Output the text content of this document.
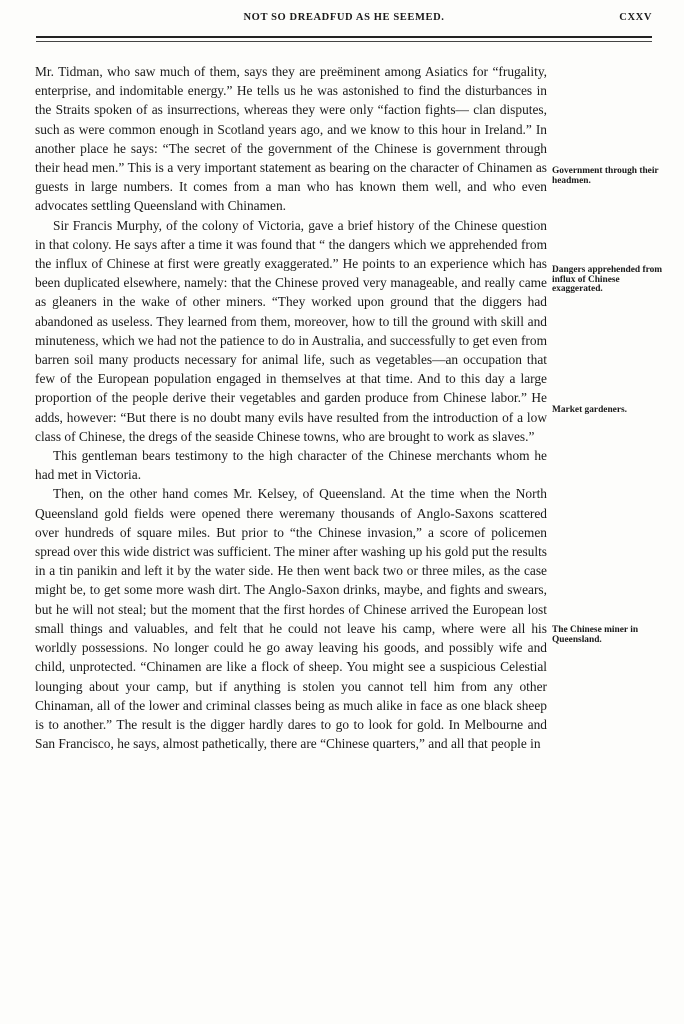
NOT SO DREADFUD AS HE SEEMED.	CXXV

Mr. Tidman, who saw much of them, says they are preëminent among Asiatics for “frugality, enterprise, and indomitable energy.” He tells us he was astonished to find the disturbances in the Straits spoken of as insurrections, whereas they were only “faction fights— clan disputes, such as were common enough in Scotland years ago, and we know to this hour in Ireland.” In another place he says: “The secret of the government of the Chinese is government through their head men.” This is a very important statement as bearing on the character of Chinamen as guests in large numbers. It comes from a man who has known them well, and who even advocates settling Queensland with Chinamen.

Sir Francis Murphy, of the colony of Victoria, gave a brief history of the Chinese question in that colony. He says after a time it was found that “ the dangers which we apprehended from the influx of Chinese at first were greatly exaggerated.” He points to an experience which has been duplicated elsewhere, namely: that the Chinese proved very manageable, and really came as gleaners in the wake of other miners. “They worked upon ground that the diggers had abandoned as useless. They learned from them, moreover, how to till the ground with skill and minuteness, which we had not the patience to do in Australia, and successfully to get even from barren soil many products necessary for animal life, such as vegetables—an occupation that few of the European population engaged in themselves at that time. And to this day a large proportion of the people derive their vegetables and garden produce from Chinese labor.” He adds, however: “But there is no doubt many evils have resulted from the introduction of a low class of Chinese, the dregs of the seaside Chinese towns, who are brought to work as slaves.”

This gentleman bears testimony to the high character of the Chinese merchants whom he had met in Victoria.

Then, on the other hand comes Mr. Kelsey, of Queensland. At the time when the North Queensland gold fields were opened there weremany thousands of Anglo-Saxons scattered over hundreds of square miles. But prior to “the Chinese invasion,” a score of policemen spread over this wide district was sufficient. The miner after washing up his gold put the results in a tin panikin and left it by the water side. He then went back two or three miles, as the case might be, to get some more wash dirt. The Anglo-Saxon drinks, maybe, and fights and swears, but he will not steal; but the moment that the first hordes of Chinese arrived the European lost small things and valuables, and felt that he could not leave his camp, where were all his worldly possessions. No longer could he go away leaving his goods, and possibly wife and child, unprotected. “Chinamen are like a flock of sheep. You might see a suspicious Celestial lounging about your camp, but if anything is stolen you cannot tell him from any other Chinaman, all of the lower and criminal classes being as much alike in face as one black sheep is to another.” The result is the digger hardly dares to go to look for gold. In Melbourne and San Francisco, he says, almost pathetically, there are “Chinese quarters,” and all that people in

Government through their headmen.
Dangers apprehended from influx of Chinese exaggerated.
Market gardeners.
The Chinese miner in Queensland.
